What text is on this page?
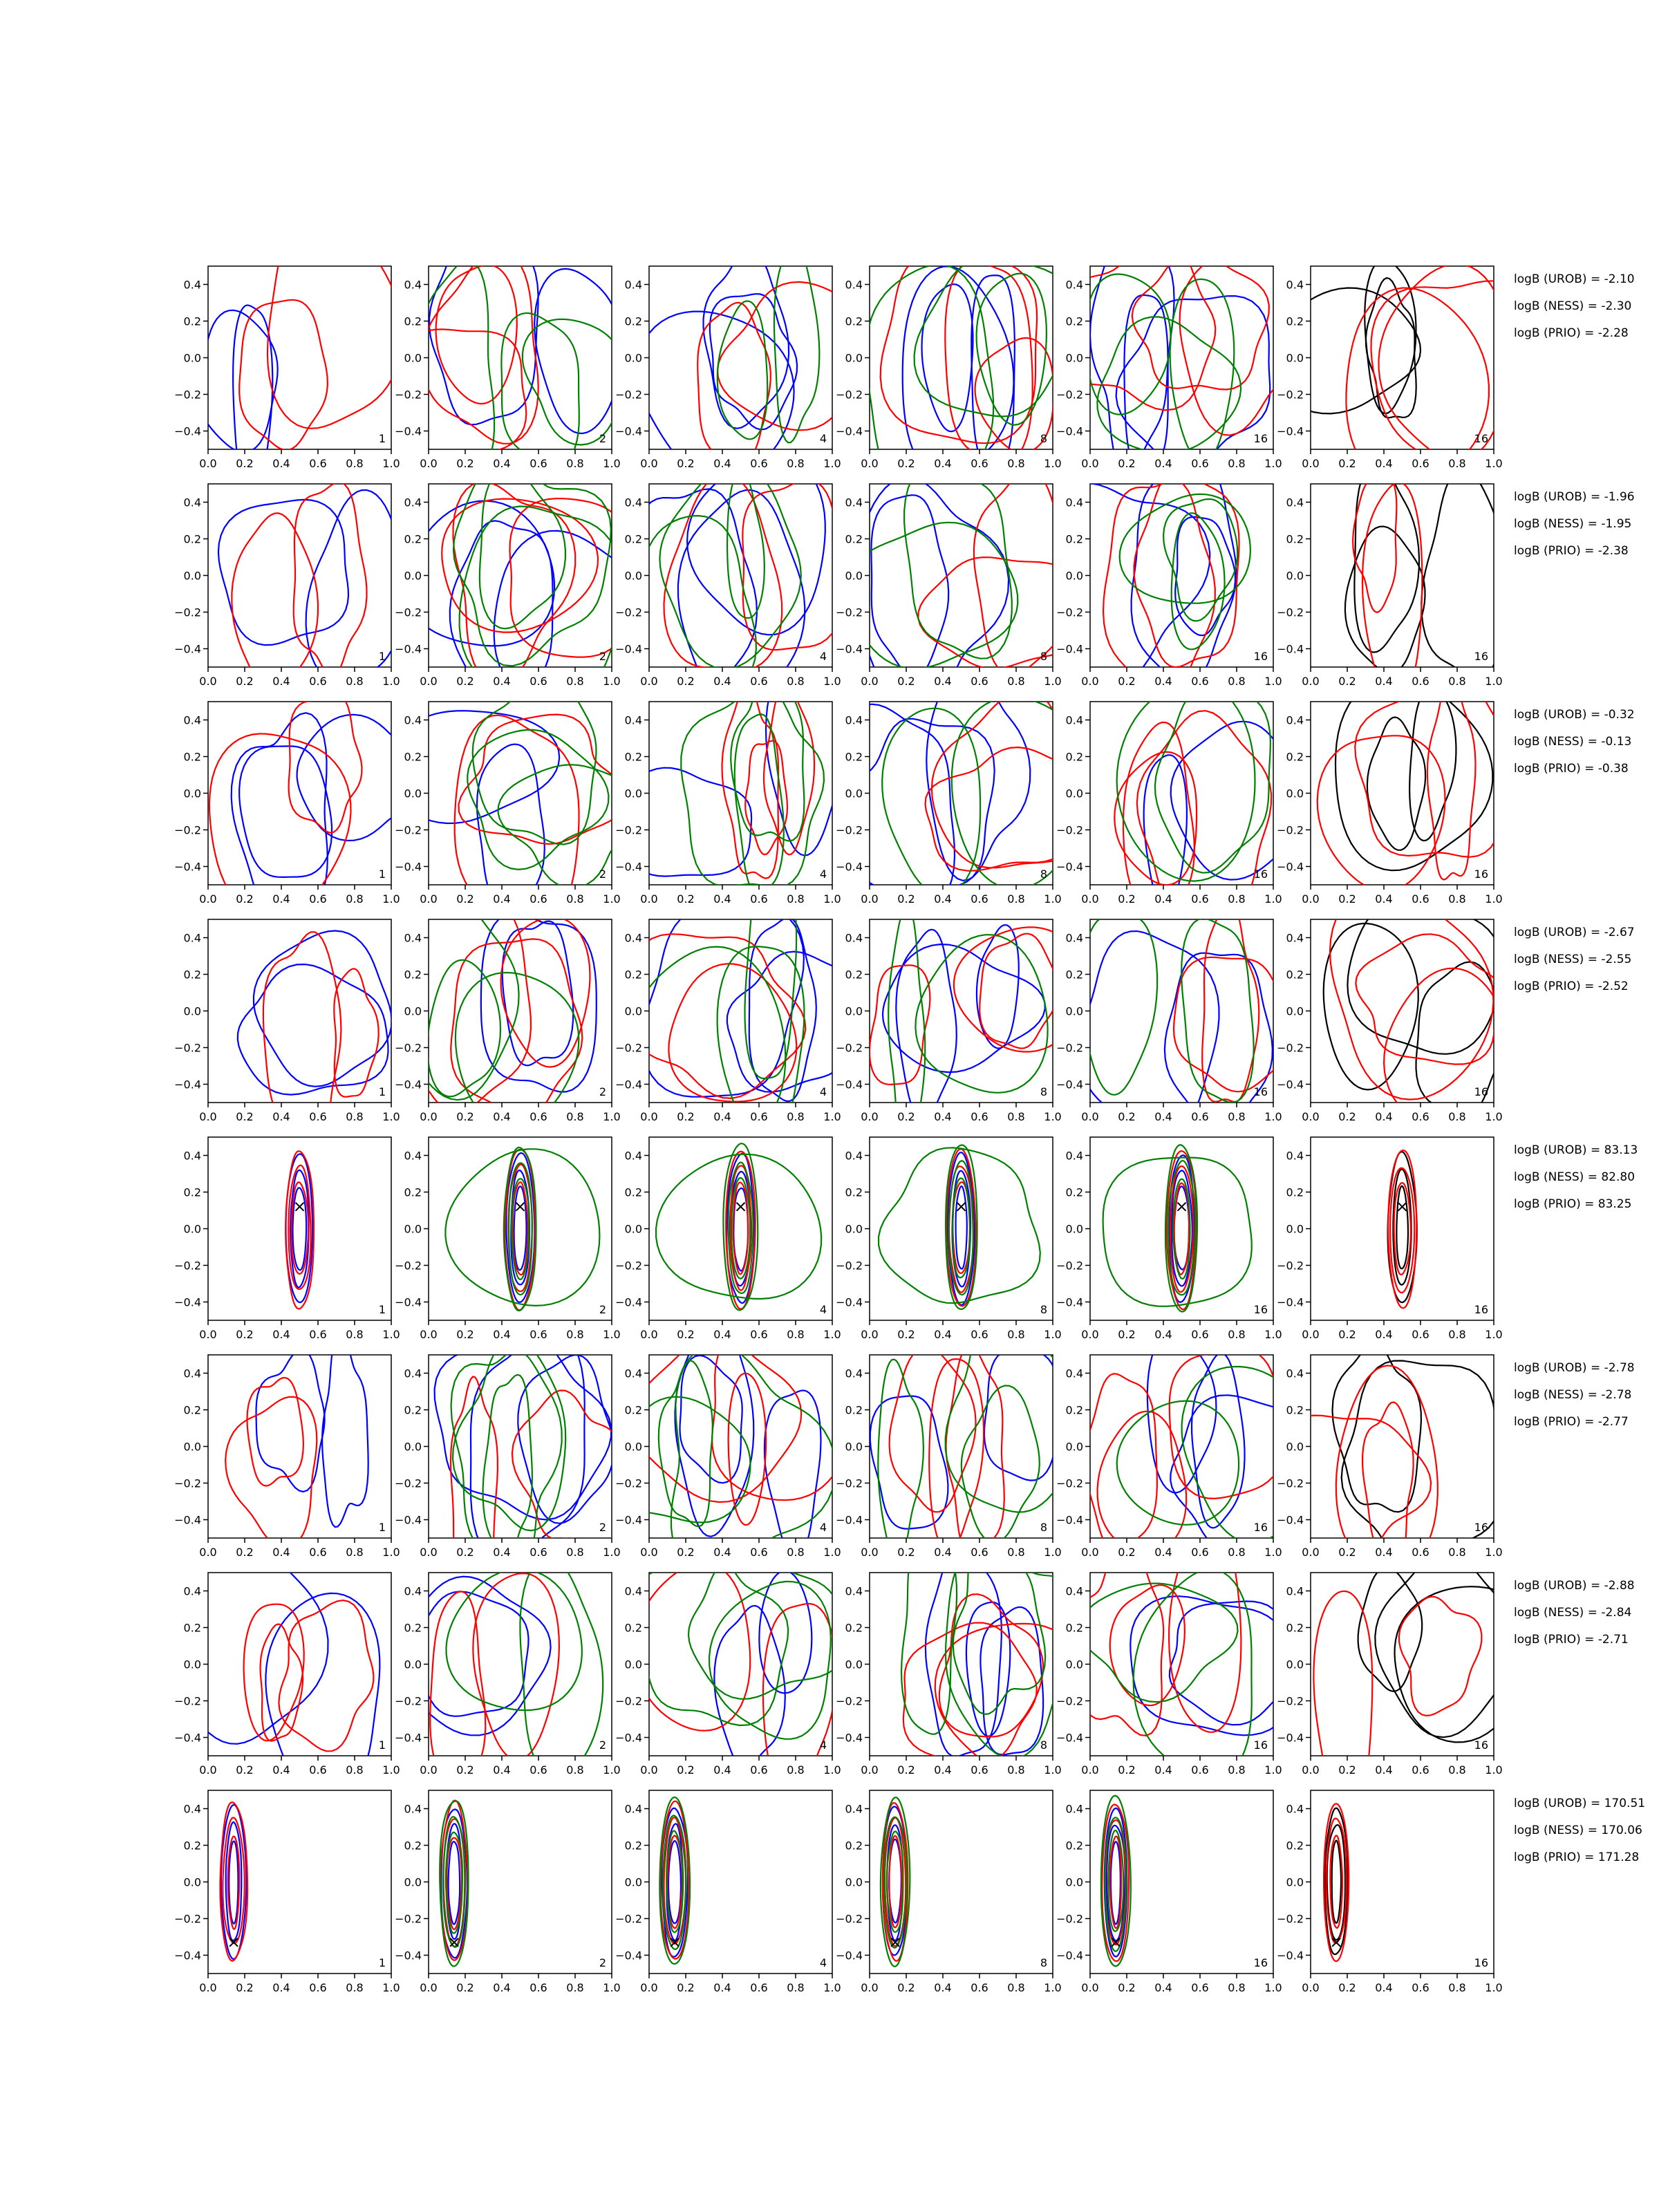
0.0 0.2 0.4 0.6 0.8 1.0
0.4
0.2
0.0
−0.2
−0.4
1
0.0 0.2 0.4 0.6 0.8 1.0
0.4
0.2
0.0
−0.2
−0.4
2
0.0 0.2 0.4 0.6 0.8 1.0
0.4
0.2
0.0
−0.2
−0.4
4
0.0 0.2 0.4 0.6 0.8 1.0
0.4
0.2
0.0
−0.2
−0.4
8
0.0 0.2 0.4 0.6 0.8 1.0
0.4
0.2
0.0
−0.2
−0.4
16
0.0 0.2 0.4 0.6 0.8 1.0
0.4
0.2
0.0
−0.2
−0.4
16
logB (UROB) = -2.10
logB (NESS) = -2.30
logB (PRIO) = -2.28
0.0 0.2 0.4 0.6 0.8 1.0
0.4
0.2
0.0
−0.2
−0.4
1
0.0 0.2 0.4 0.6 0.8 1.0
0.4
0.2
0.0
−0.2
−0.4
2
0.0 0.2 0.4 0.6 0.8 1.0
0.4
0.2
0.0
−0.2
−0.4
4
0.0 0.2 0.4 0.6 0.8 1.0
0.4
0.2
0.0
−0.2
−0.4
8
0.0 0.2 0.4 0.6 0.8 1.0
0.4
0.2
0.0
−0.2
−0.4
16
0.0 0.2 0.4 0.6 0.8 1.0
0.4
0.2
0.0
−0.2
−0.4
16
logB (UROB) = -1.96
logB (NESS) = -1.95
logB (PRIO) = -2.38
0.0 0.2 0.4 0.6 0.8 1.0
0.4
0.2
0.0
−0.2
−0.4
1
0.0 0.2 0.4 0.6 0.8 1.0
0.4
0.2
0.0
−0.2
−0.4
2
0.0 0.2 0.4 0.6 0.8 1.0
0.4
0.2
0.0
−0.2
−0.4
4
0.0 0.2 0.4 0.6 0.8 1.0
0.4
0.2
0.0
−0.2
−0.4
8
0.0 0.2 0.4 0.6 0.8 1.0
0.4
0.2
0.0
−0.2
−0.4
16
0.0 0.2 0.4 0.6 0.8 1.0
0.4
0.2
0.0
−0.2
−0.4
16
logB (UROB) = -0.32
logB (NESS) = -0.13
logB (PRIO) = -0.38
0.0 0.2 0.4 0.6 0.8 1.0
0.4
0.2
0.0
−0.2
−0.4
1
0.0 0.2 0.4 0.6 0.8 1.0
0.4
0.2
0.0
−0.2
−0.4
2
0.0 0.2 0.4 0.6 0.8 1.0
0.4
0.2
0.0
−0.2
−0.4
4
0.0 0.2 0.4 0.6 0.8 1.0
0.4
0.2
0.0
−0.2
−0.4
8
0.0 0.2 0.4 0.6 0.8 1.0
0.4
0.2
0.0
−0.2
−0.4
16
0.0 0.2 0.4 0.6 0.8 1.0
0.4
0.2
0.0
−0.2
−0.4
16
logB (UROB) = -2.67
logB (NESS) = -2.55
logB (PRIO) = -2.52
0.0 0.2 0.4 0.6 0.8 1.0
0.4
0.2
0.0
−0.2
−0.4
1
0.0 0.2 0.4 0.6 0.8 1.0
0.4
0.2
0.0
−0.2
−0.4
2
0.0 0.2 0.4 0.6 0.8 1.0
0.4
0.2
0.0
−0.2
−0.4
4
0.0 0.2 0.4 0.6 0.8 1.0
0.4
0.2
0.0
−0.2
−0.4
8
0.0 0.2 0.4 0.6 0.8 1.0
0.4
0.2
0.0
−0.2
−0.4
16
0.0 0.2 0.4 0.6 0.8 1.0
0.4
0.2
0.0
−0.2
−0.4
16
logB (UROB) = 83.13
logB (NESS) = 82.80
logB (PRIO) = 83.25
0.0 0.2 0.4 0.6 0.8 1.0
0.4
0.2
0.0
−0.2
−0.4
1
0.0 0.2 0.4 0.6 0.8 1.0
0.4
0.2
0.0
−0.2
−0.4
2
0.0 0.2 0.4 0.6 0.8 1.0
0.4
0.2
0.0
−0.2
−0.4
4
0.0 0.2 0.4 0.6 0.8 1.0
0.4
0.2
0.0
−0.2
−0.4
8
0.0 0.2 0.4 0.6 0.8 1.0
0.4
0.2
0.0
−0.2
−0.4
16
0.0 0.2 0.4 0.6 0.8 1.0
0.4
0.2
0.0
−0.2
−0.4
16
logB (UROB) = -2.78
logB (NESS) = -2.78
logB (PRIO) = -2.77
0.0 0.2 0.4 0.6 0.8 1.0
0.4
0.2
0.0
−0.2
−0.4
1
0.0 0.2 0.4 0.6 0.8 1.0
0.4
0.2
0.0
−0.2
−0.4
2
0.0 0.2 0.4 0.6 0.8 1.0
0.4
0.2
0.0
−0.2
−0.4
4
0.0 0.2 0.4 0.6 0.8 1.0
0.4
0.2
0.0
−0.2
−0.4
8
0.0 0.2 0.4 0.6 0.8 1.0
0.4
0.2
0.0
−0.2
−0.4
16
0.0 0.2 0.4 0.6 0.8 1.0
0.4
0.2
0.0
−0.2
−0.4
16
logB (UROB) = -2.88
logB (NESS) = -2.84
logB (PRIO) = -2.71
0.0 0.2 0.4 0.6 0.8 1.0
0.4
0.2
0.0
−0.2
−0.4
1
0.0 0.2 0.4 0.6 0.8 1.0
0.4
0.2
0.0
−0.2
−0.4
2
0.0 0.2 0.4 0.6 0.8 1.0
0.4
0.2
0.0
−0.2
−0.4
4
0.0 0.2 0.4 0.6 0.8 1.0
0.4
0.2
0.0
−0.2
−0.4
8
0.0 0.2 0.4 0.6 0.8 1.0
0.4
0.2
0.0
−0.2
−0.4
16
0.0 0.2 0.4 0.6 0.8 1.0
0.4
0.2
0.0
−0.2
−0.4
16
logB (UROB) = 170.51
logB (NESS) = 170.06
logB (PRIO) = 171.28
